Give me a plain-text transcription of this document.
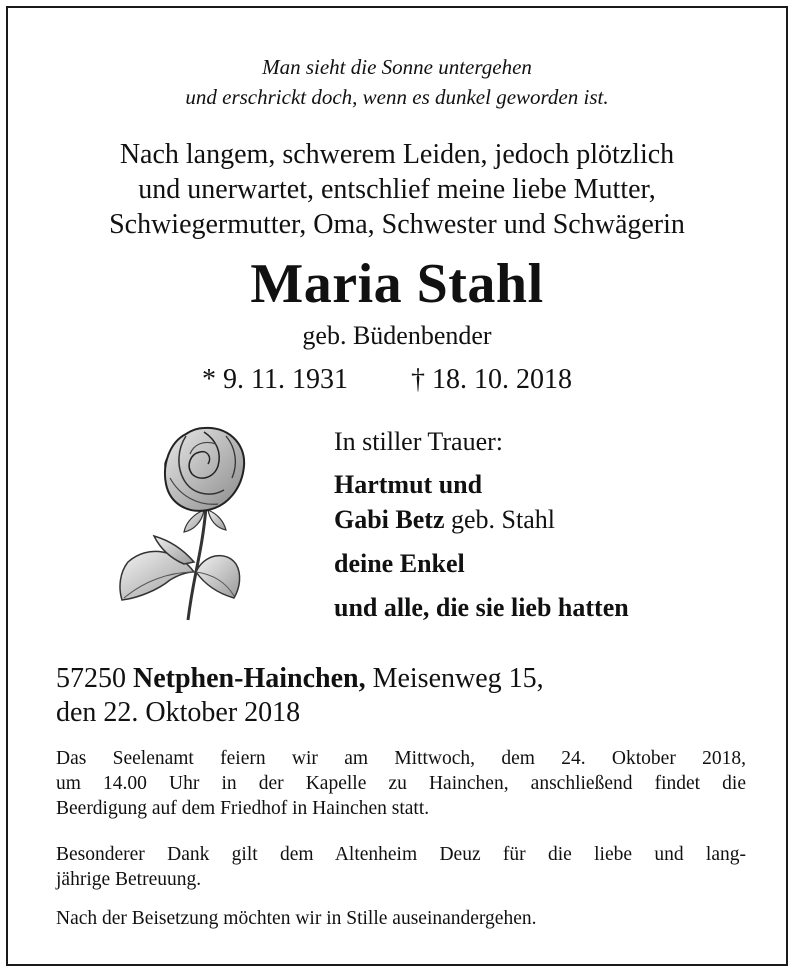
Man sieht die Sonne untergehen
und erschrickt doch, wenn es dunkel geworden ist.
Nach langem, schwerem Leiden, jedoch plötzlich
und unerwartet, entschlief meine liebe Mutter,
Schwiegermutter, Oma, Schwester und Schwägerin
Maria Stahl
geb. Büdenbender
* 9. 11. 1931 † 18. 10. 2018
In stiller Trauer:
Hartmut und
Gabi Betz geb. Stahl
deine Enkel
und alle, die sie lieb hatten
57250 Netphen-Hainchen, Meisenweg 15,
den 22. Oktober 2018
Das Seelenamt feiern wir am Mittwoch, dem 24. Oktober 2018,
um 14.00 Uhr in der Kapelle zu Hainchen, anschließend findet die
Beerdigung auf dem Friedhof in Hainchen statt.
Besonderer Dank gilt dem Altenheim Deuz für die liebe und lang-
jährige Betreuung.
Nach der Beisetzung möchten wir in Stille auseinandergehen.
